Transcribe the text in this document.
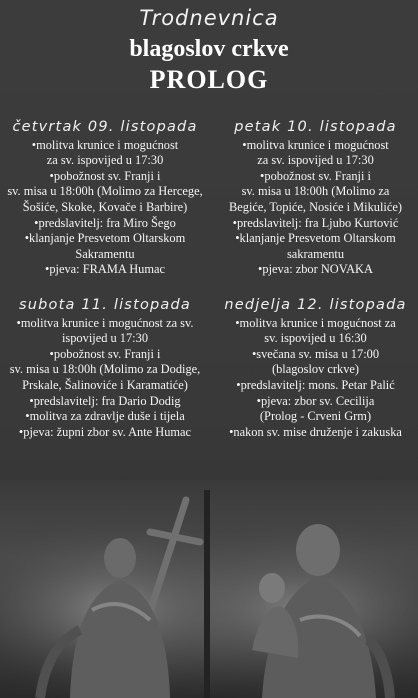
Trodnevnica
blagoslov crkve
PROLOG
četvrtak 09. listopada
•molitva krunice i mogućnost
za sv. ispovijed u 17:30
•pobožnost sv. Franji i
sv. misa u 18:00h (Molimo za Hercege,
Šošiće, Skoke, Kovače i Barbire)
•predslavitelj: fra Miro Šego
•klanjanje Presvetom Oltarskom
Sakramentu
•pjeva: FRAMA Humac
petak 10. listopada
•molitva krunice i mogućnost
za sv. ispovijed u 17:30
•pobožnost sv. Franji i
sv. misa u 18:00h (Molimo za
Begiće, Topiće, Nosiće i Mikuliće)
•predslavitelj: fra Ljubo Kurtović
•klanjanje Presvetom Oltarskom
sakramentu
•pjeva: zbor NOVAKA
subota 11. listopada
•molitva krunice i mogućnost za sv.
ispovijed u 17:30
•pobožnost sv. Franji i
sv. misa u 18:00h (Molimo za Dodige,
Prskale, Šalinoviće i Karamatiće)
•predslavitelj: fra Dario Dodig
•molitva za zdravlje duše i tijela
•pjeva: župni zbor sv. Ante Humac
nedjelja 12. listopada
•molitva krunice i mogućnost za
sv. ispovijed u 16:30
•svečana sv. misa u 17:00
(blagoslov crkve)
•predslavitelj: mons. Petar Palić
•pjeva: zbor sv. Cecilija
(Prolog - Crveni Grm)
•nakon sv. mise druženje i zakuska
